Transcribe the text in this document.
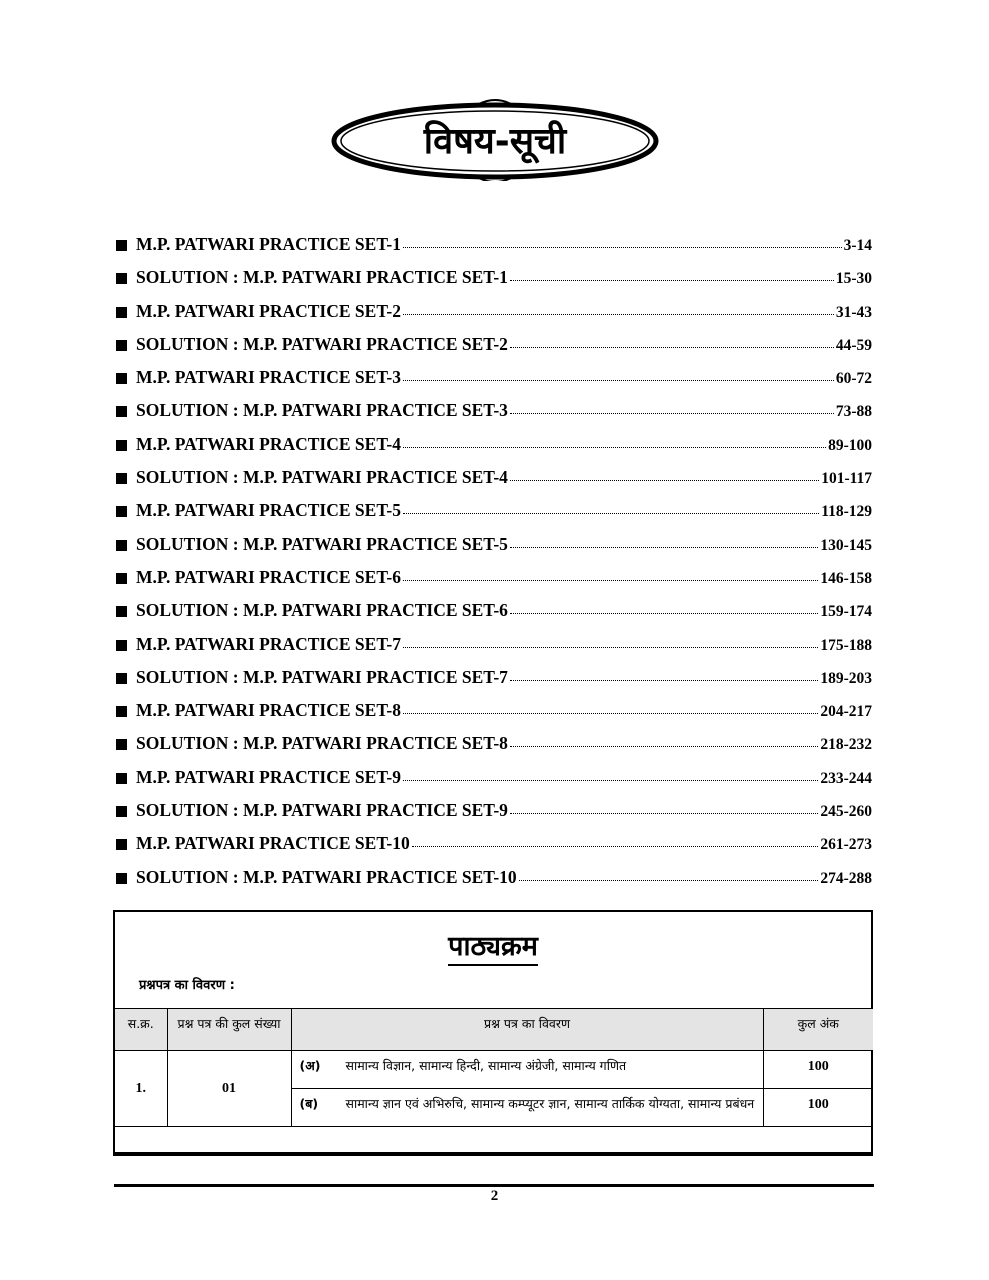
विषय-सूची
M.P. PATWARI PRACTICE SET-1	3-14
SOLUTION : M.P. PATWARI PRACTICE SET-1	15-30
M.P. PATWARI PRACTICE SET-2	31-43
SOLUTION : M.P. PATWARI PRACTICE SET-2	44-59
M.P. PATWARI PRACTICE SET-3	60-72
SOLUTION : M.P. PATWARI PRACTICE SET-3	73-88
M.P. PATWARI PRACTICE SET-4	89-100
SOLUTION : M.P. PATWARI PRACTICE SET-4	101-117
M.P. PATWARI PRACTICE SET-5	118-129
SOLUTION : M.P. PATWARI PRACTICE SET-5	130-145
M.P. PATWARI PRACTICE SET-6	146-158
SOLUTION : M.P. PATWARI PRACTICE SET-6	159-174
M.P. PATWARI PRACTICE SET-7	175-188
SOLUTION : M.P. PATWARI PRACTICE SET-7	189-203
M.P. PATWARI PRACTICE SET-8	204-217
SOLUTION : M.P. PATWARI PRACTICE SET-8	218-232
M.P. PATWARI PRACTICE SET-9	233-244
SOLUTION : M.P. PATWARI PRACTICE SET-9	245-260
M.P. PATWARI PRACTICE SET-10	261-273
SOLUTION : M.P. PATWARI PRACTICE SET-10	274-288
पाठ्यक्रम
प्रश्नपत्र का विवरण :
स.क्र.	प्रश्न पत्र की कुल संख्या	प्रश्न पत्र का विवरण	कुल अंक
1.	01	(अ) सामान्य विज्ञान, सामान्य हिन्दी, सामान्य अंग्रेजी, सामान्य गणित	100

		(ब) सामान्य ज्ञान एवं अभिरुचि, सामान्य कम्प्यूटर ज्ञान, सामान्य तार्किक योग्यता, सामान्य प्रबंधन	100
2
